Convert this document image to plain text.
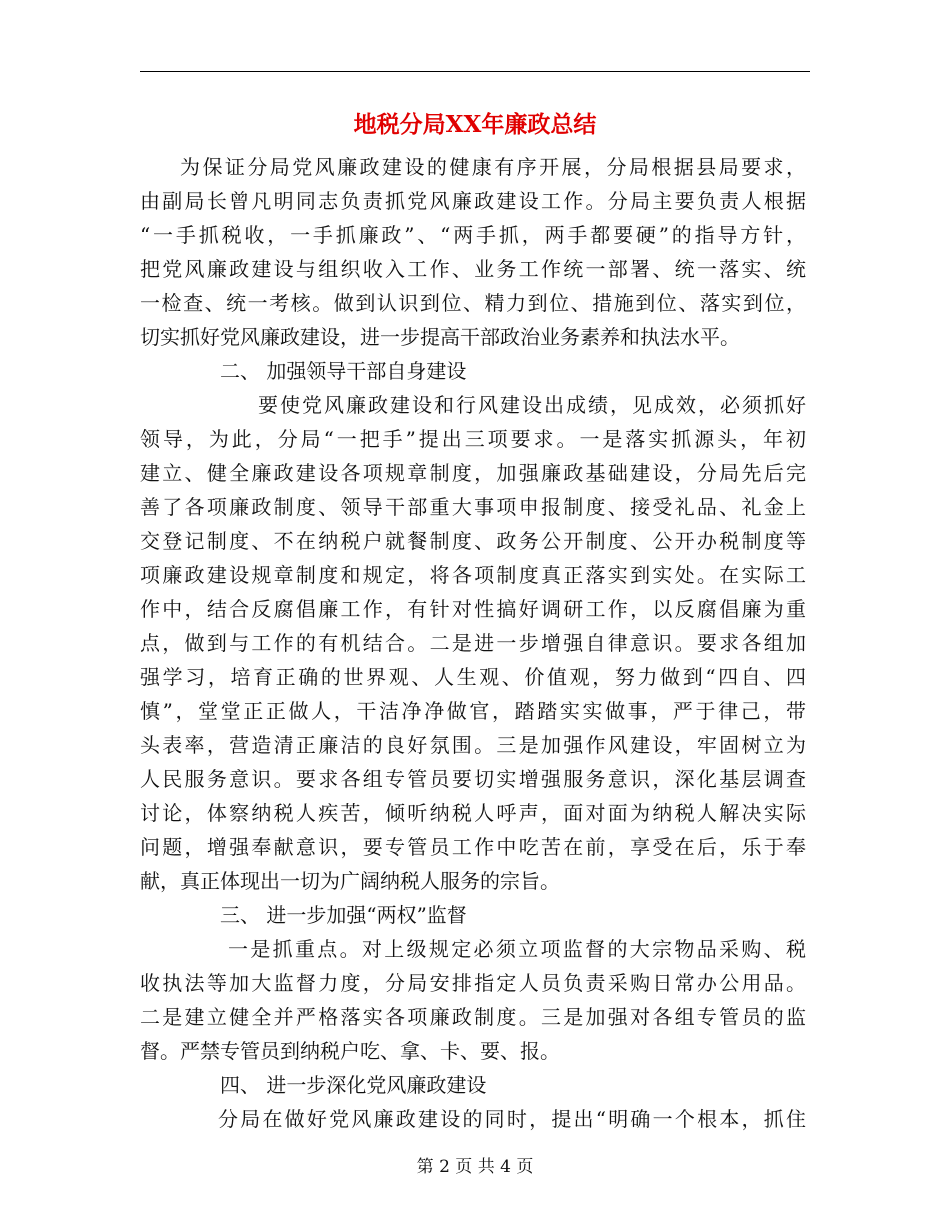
地税分局XX年廉政总结
为保证分局党风廉政建设的健康有序开展，分局根据县局要求，
由副局长曾凡明同志负责抓党风廉政建设工作。分局主要负责人根据
“一手抓税收，一手抓廉政”、“两手抓，两手都要硬”的指导方针，
把党风廉政建设与组织收入工作、业务工作统一部署、统一落实、统
一检查、统一考核。做到认识到位、精力到位、措施到位、落实到位，
切实抓好党风廉政建设，进一步提高干部政治业务素养和执法水平。
二、 加强领导干部自身建设
要使党风廉政建设和行风建设出成绩，见成效，必须抓好
领导，为此，分局“一把手”提出三项要求。一是落实抓源头，年初
建立、健全廉政建设各项规章制度，加强廉政基础建设，分局先后完
善了各项廉政制度、领导干部重大事项申报制度、接受礼品、礼金上
交登记制度、不在纳税户就餐制度、政务公开制度、公开办税制度等
项廉政建设规章制度和规定，将各项制度真正落实到实处。在实际工
作中，结合反腐倡廉工作，有针对性搞好调研工作，以反腐倡廉为重
点，做到与工作的有机结合。二是进一步增强自律意识。要求各组加
强学习，培育正确的世界观、人生观、价值观，努力做到“四自、四
慎”，堂堂正正做人，干洁净净做官，踏踏实实做事，严于律己，带
头表率，营造清正廉洁的良好氛围。三是加强作风建设，牢固树立为
人民服务意识。要求各组专管员要切实增强服务意识，深化基层调查
讨论，体察纳税人疾苦，倾听纳税人呼声，面对面为纳税人解决实际
问题，增强奉献意识，要专管员工作中吃苦在前，享受在后，乐于奉
献，真正体现出一切为广阔纳税人服务的宗旨。
三、 进一步加强“两权”监督
一是抓重点。对上级规定必须立项监督的大宗物品采购、税
收执法等加大监督力度，分局安排指定人员负责采购日常办公用品。
二是建立健全并严格落实各项廉政制度。三是加强对各组专管员的监
督。严禁专管员到纳税户吃、拿、卡、要、报。
四、 进一步深化党风廉政建设
分局在做好党风廉政建设的同时，提出“明确一个根本，抓住
第 2 页 共 4 页
